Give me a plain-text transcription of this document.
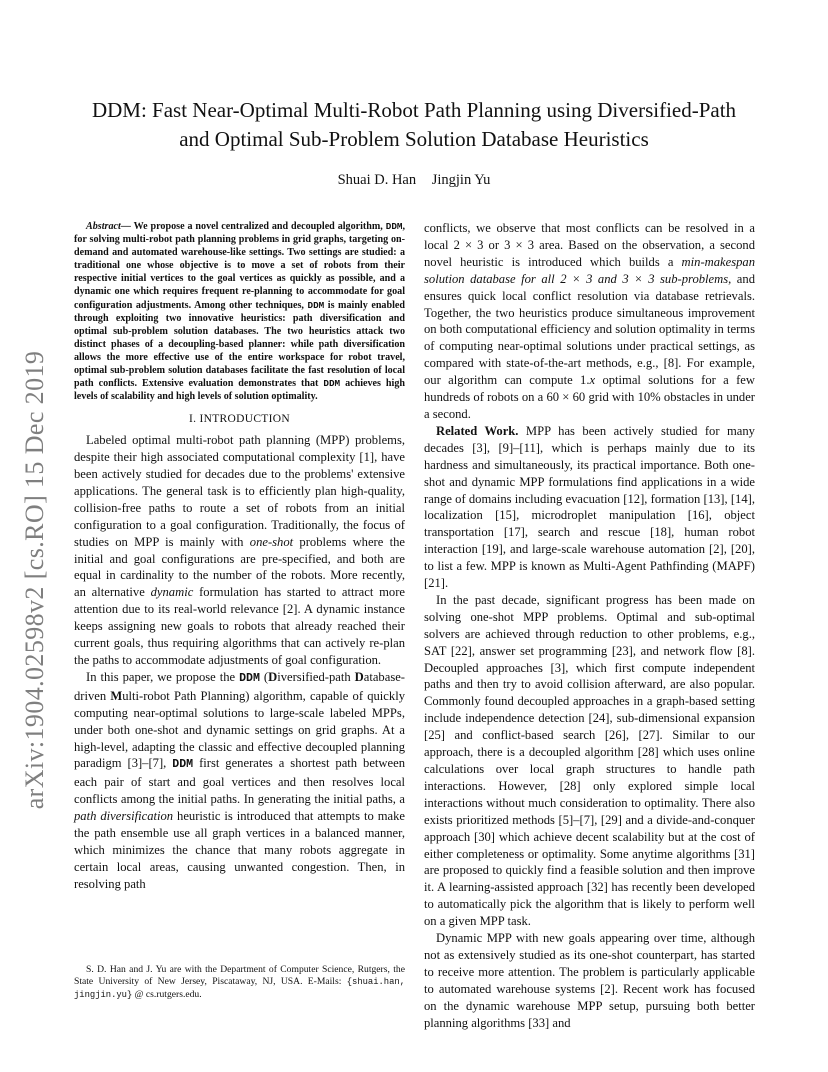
arXiv:1904.02598v2 [cs.RO] 15 Dec 2019
DDM: Fast Near-Optimal Multi-Robot Path Planning using Diversified-Path
and Optimal Sub-Problem Solution Database Heuristics
Shuai D. Han Jingjin Yu

Abstract— We propose a novel centralized and decoupled algorithm, DDM, for solving multi-robot path planning problems in grid graphs, targeting on-demand and automated warehouse-like settings. Two settings are studied: a traditional one whose objective is to move a set of robots from their respective initial vertices to the goal vertices as quickly as possible, and a dynamic one which requires frequent re-planning to accommodate for goal configuration adjustments. Among other techniques, DDM is mainly enabled through exploiting two innovative heuristics: path diversification and optimal sub-problem solution databases. The two heuristics attack two distinct phases of a decoupling-based planner: while path diversification allows the more effective use of the entire workspace for robot travel, optimal sub-problem solution databases facilitate the fast resolution of local path conflicts. Extensive evaluation demonstrates that DDM achieves high levels of scalability and high levels of solution optimality.

I. INTRODUCTION

Labeled optimal multi-robot path planning (MPP) problems, despite their high associated computational complexity [1], have been actively studied for decades due to the problems' extensive applications. The general task is to efficiently plan high-quality, collision-free paths to route a set of robots from an initial configuration to a goal configuration. Traditionally, the focus of studies on MPP is mainly with one-shot problems where the initial and goal configurations are pre-specified, and both are equal in cardinality to the number of the robots. More recently, an alternative dynamic formulation has started to attract more attention due to its real-world relevance [2]. A dynamic instance keeps assigning new goals to robots that already reached their current goals, thus requiring algorithms that can actively re-plan the paths to accommodate adjustments of goal configuration.

In this paper, we propose the DDM (Diversified-path Database-driven Multi-robot Path Planning) algorithm, capable of quickly computing near-optimal solutions to large-scale labeled MPPs, under both one-shot and dynamic settings on grid graphs. At a high-level, adapting the classic and effective decoupled planning paradigm [3]–[7], DDM first generates a shortest path between each pair of start and goal vertices and then resolves local conflicts among the initial paths. In generating the initial paths, a path diversification heuristic is introduced that attempts to make the path ensemble use all graph vertices in a balanced manner, which minimizes the chance that many robots aggregate in certain local areas, causing unwanted congestion. Then, in resolving path

conflicts, we observe that most conflicts can be resolved in a local 2 × 3 or 3 × 3 area. Based on the observation, a second novel heuristic is introduced which builds a min-makespan solution database for all 2 × 3 and 3 × 3 sub-problems, and ensures quick local conflict resolution via database retrievals. Together, the two heuristics produce simultaneous improvement on both computational efficiency and solution optimality in terms of computing near-optimal solutions under practical settings, as compared with state-of-the-art methods, e.g., [8]. For example, our algorithm can compute 1.x optimal solutions for a few hundreds of robots on a 60 × 60 grid with 10% obstacles in under a second.

Related Work. MPP has been actively studied for many decades [3], [9]–[11], which is perhaps mainly due to its hardness and simultaneously, its practical importance. Both one-shot and dynamic MPP formulations find applications in a wide range of domains including evacuation [12], formation [13], [14], localization [15], microdroplet manipulation [16], object transportation [17], search and rescue [18], human robot interaction [19], and large-scale warehouse automation [2], [20], to list a few. MPP is known as Multi-Agent Pathfinding (MAPF) [21].

In the past decade, significant progress has been made on solving one-shot MPP problems. Optimal and sub-optimal solvers are achieved through reduction to other problems, e.g., SAT [22], answer set programming [23], and network flow [8]. Decoupled approaches [3], which first compute independent paths and then try to avoid collision afterward, are also popular. Commonly found decoupled approaches in a graph-based setting include independence detection [24], sub-dimensional expansion [25] and conflict-based search [26], [27]. Similar to our approach, there is a decoupled algorithm [28] which uses online calculations over local graph structures to handle path interactions. However, [28] only explored simple local interactions without much consideration to optimality. There also exists prioritized methods [5]–[7], [29] and a divide-and-conquer approach [30] which achieve decent scalability but at the cost of either completeness or optimality. Some anytime algorithms [31] are proposed to quickly find a feasible solution and then improve it. A learning-assisted approach [32] has recently been developed to automatically pick the algorithm that is likely to perform well on a given MPP task.

Dynamic MPP with new goals appearing over time, although not as extensively studied as its one-shot counterpart, has started to receive more attention. The problem is particularly applicable to automated warehouse systems [2]. Recent work has focused on the dynamic warehouse MPP setup, pursuing both better planning algorithms [33] and

S. D. Han and J. Yu are with the Department of Computer Science, Rutgers, the State University of New Jersey, Piscataway, NJ, USA. E-Mails: {shuai.han, jingjin.yu} @ cs.rutgers.edu.
